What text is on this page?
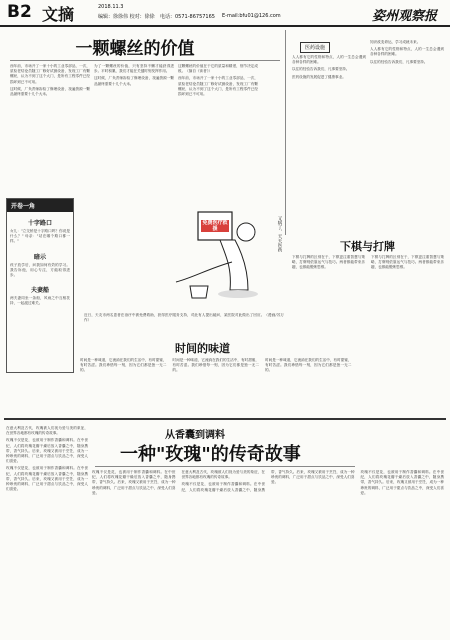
B2 文摘	2018.11.3
编辑：徐徐伟 校对：徐徐 电话：0571-86757165 E-mail:bfu01@126.com	姿州观察报
一颗螺丝的价值

西年前，市场开了一家十小的工业零部品，一次，质检老结论员随工厂修好试测设备，发现工厂有颗螺丝，认为不到了这个大门，是所有工程零件已经损坏到已不可用。

这时候，厂负责师拆检了修理设备，找遍资源一颗品最终需要十几个大米。

为了一颗螺丝的价值，只有坚持不懈才能获得进步。平时积累，我们才能在关键时刻发挥作用。

这时候，厂负责师拆检了修理设备，找遍资源一颗品最终需要十几个大米。

这颗螺丝的价值在于它的质量和精度，细节决定成败。（摘自《读者》）

西年前，市场开了一家十小的工业零部品，一次，质检老结论员随工厂修好试测设备，发现工厂有颗螺丝，认为不到了这个大门，是所有工程零件已经损坏到已不可用。

医药设施

人人都有它的性格和特点，人的一生总会遇到各种各样的困难。

以往的经验告诉我们，凡事要坚持。

医药设施的发展促进了健康事业。

知识改变命运，学习成就未来。

人人都有它的性格和特点，人的一生总会遇到各种各样的困难。

以往的经验告诉我们，凡事要坚持。

开卷一角
十字路口
女儿："立交桥是十字路口吗？你说是什么？" 母亲："站在哪个路口都一样。"
暗示
孩子放学后，问我如何有效的学习。我告诉他，用心专注，方能取得进步。
夫妻船
两夫妻同坐一条船，风雨之中互相扶持，一起渡过难关。
免费医疗救援	又病了，天天医药
近日，天友市两名患者在治疗中被免费救助，获得医疗服务支持，对此有人提出疑问，某医院对此做出了回应。（漫画/苏万 作）
下棋与打牌

下棋与打牌的区别在于，下棋更注重智慧与策略，打牌则依靠运气与技巧。两者都能带来乐趣，也都能锻炼思维。

下棋与打牌的区别在于，下棋更注重智慧与策略，打牌则依靠运气与技巧。两者都能带来乐趣，也都能锻炼思维。

时间的味道

时间是一种味道，它流淌在我们的生活中，有时甜蜜，有时苦涩。我们珍惜每一刻，因为它们都是独一无二的。

时间是一种味道，它流淌在我们的生活中，有时甜蜜，有时苦涩。我们珍惜每一刻，因为它们都是独一无二的。

时间是一种味道，它流淌在我们的生活中，有时甜蜜，有时苦涩。我们珍惜每一刻，因为它们都是独一无二的。

从香囊到调料
一种"玫瑰"的传奇故事

在意大利及古代，玫瑰被人们视为爱与美的象征，在世界各地都有玫瑰的传奇故事。

玫瑰不仅是花，也被用于制作香囊和调料。在中世纪，人们将玫瑰花瓣干燥后放入香囊之中，随身携带，香气持久。后来，玫瑰又被用于烹饪，成为一种珍贵的调料，广泛用于甜点与饮品之中，深受人们喜爱。

玫瑰不仅是花，也被用于制作香囊和调料。在中世纪，人们将玫瑰花瓣干燥后放入香囊之中，随身携带，香气持久。后来，玫瑰又被用于烹饪，成为一种珍贵的调料，广泛用于甜点与饮品之中，深受人们喜爱。

玫瑰不仅是花，也被用于制作香囊和调料。在中世纪，人们将玫瑰花瓣干燥后放入香囊之中，随身携带，香气持久。后来，玫瑰又被用于烹饪，成为一种珍贵的调料，广泛用于甜点与饮品之中，深受人们喜爱。

在意大利及古代，玫瑰被人们视为爱与美的象征，在世界各地都有玫瑰的传奇故事。

玫瑰不仅是花，也被用于制作香囊和调料。在中世纪，人们将玫瑰花瓣干燥后放入香囊之中，随身携带，香气持久。后来，玫瑰又被用于烹饪，成为一种珍贵的调料，广泛用于甜点与饮品之中，深受人们喜爱。

玫瑰不仅是花，也被用于制作香囊和调料。在中世纪，人们将玫瑰花瓣干燥后放入香囊之中，随身携带，香气持久。后来，玫瑰又被用于烹饪，成为一种珍贵的调料，广泛用于甜点与饮品之中，深受人们喜爱。
